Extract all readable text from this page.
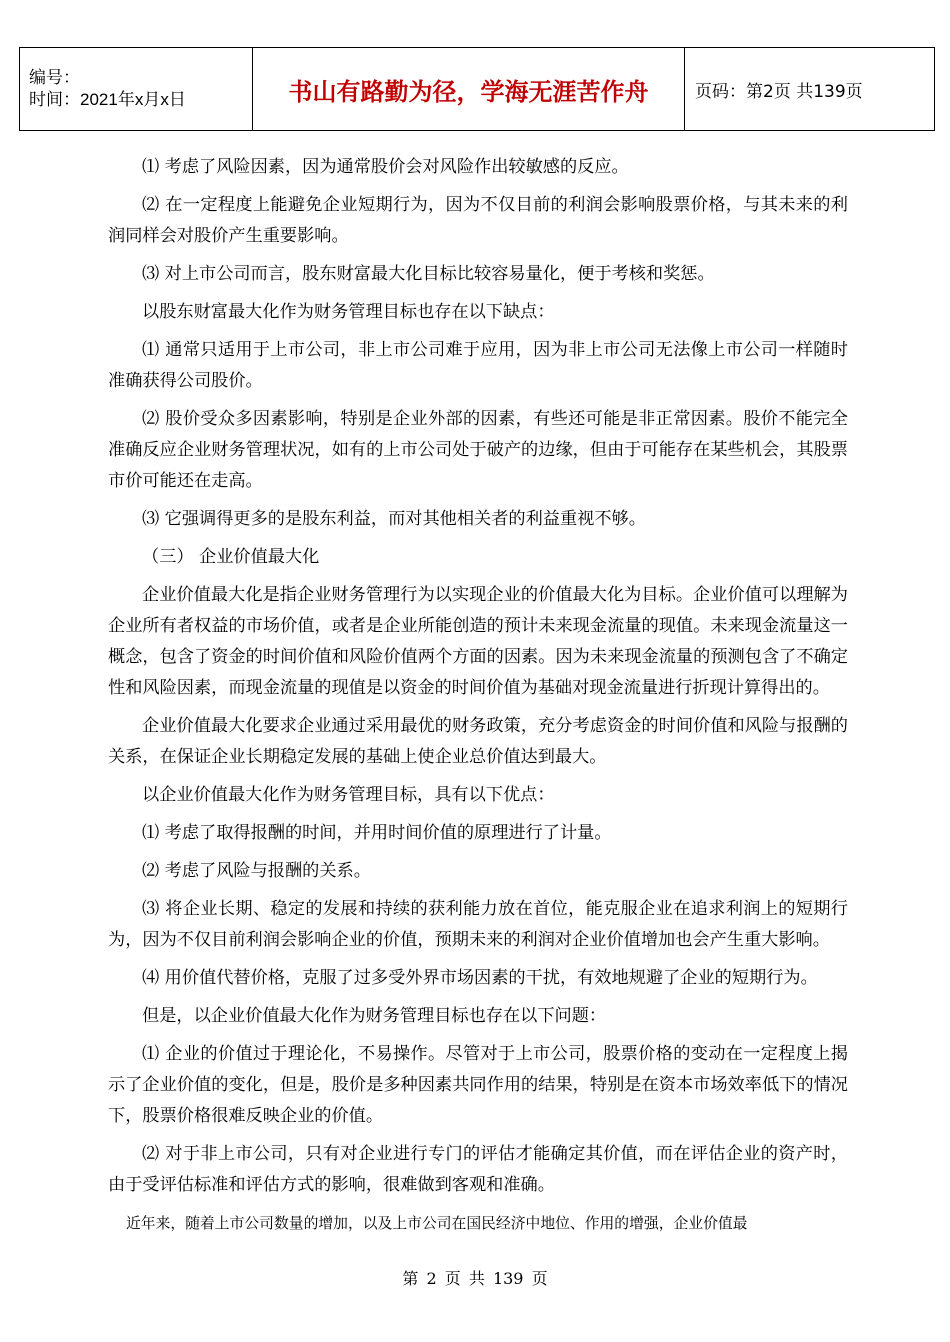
编号：
时间：2021年x月x日	书山有路勤为径，学海无涯苦作舟	页码：第2页 共139页

⑴ 考虑了风险因素，因为通常股价会对风险作出较敏感的反应。

⑵ 在一定程度上能避免企业短期行为，因为不仅目前的利润会影响股票价格，与其未来的利润同样会对股价产生重要影响。

⑶ 对上市公司而言，股东财富最大化目标比较容易量化，便于考核和奖惩。

以股东财富最大化作为财务管理目标也存在以下缺点：

⑴ 通常只适用于上市公司，非上市公司难于应用，因为非上市公司无法像上市公司一样随时准确获得公司股价。

⑵ 股价受众多因素影响，特别是企业外部的因素，有些还可能是非正常因素。股价不能完全准确反应企业财务管理状况，如有的上市公司处于破产的边缘，但由于可能存在某些机会，其股票市价可能还在走高。

⑶ 它强调得更多的是股东利益，而对其他相关者的利益重视不够。

（三） 企业价值最大化

企业价值最大化是指企业财务管理行为以实现企业的价值最大化为目标。企业价值可以理解为企业所有者权益的市场价值，或者是企业所能创造的预计未来现金流量的现值。未来现金流量这一概念，包含了资金的时间价值和风险价值两个方面的因素。因为未来现金流量的预测包含了不确定性和风险因素，而现金流量的现值是以资金的时间价值为基础对现金流量进行折现计算得出的。

企业价值最大化要求企业通过采用最优的财务政策，充分考虑资金的时间价值和风险与报酬的关系，在保证企业长期稳定发展的基础上使企业总价值达到最大。

以企业价值最大化作为财务管理目标，具有以下优点：

⑴ 考虑了取得报酬的时间，并用时间价值的原理进行了计量。

⑵ 考虑了风险与报酬的关系。

⑶ 将企业长期、稳定的发展和持续的获利能力放在首位，能克服企业在追求利润上的短期行为，因为不仅目前利润会影响企业的价值，预期未来的利润对企业价值增加也会产生重大影响。

⑷ 用价值代替价格，克服了过多受外界市场因素的干扰，有效地规避了企业的短期行为。

但是，以企业价值最大化作为财务管理目标也存在以下问题：

⑴ 企业的价值过于理论化，不易操作。尽管对于上市公司，股票价格的变动在一定程度上揭示了企业价值的变化，但是，股价是多种因素共同作用的结果，特别是在资本市场效率低下的情况下，股票价格很难反映企业的价值。

⑵ 对于非上市公司，只有对企业进行专门的评估才能确定其价值，而在评估企业的资产时，由于受评估标准和评估方式的影响，很难做到客观和准确。

近年来，随着上市公司数量的增加，以及上市公司在国民经济中地位、作用的增强，企业价值最

第 2 页 共 139 页
